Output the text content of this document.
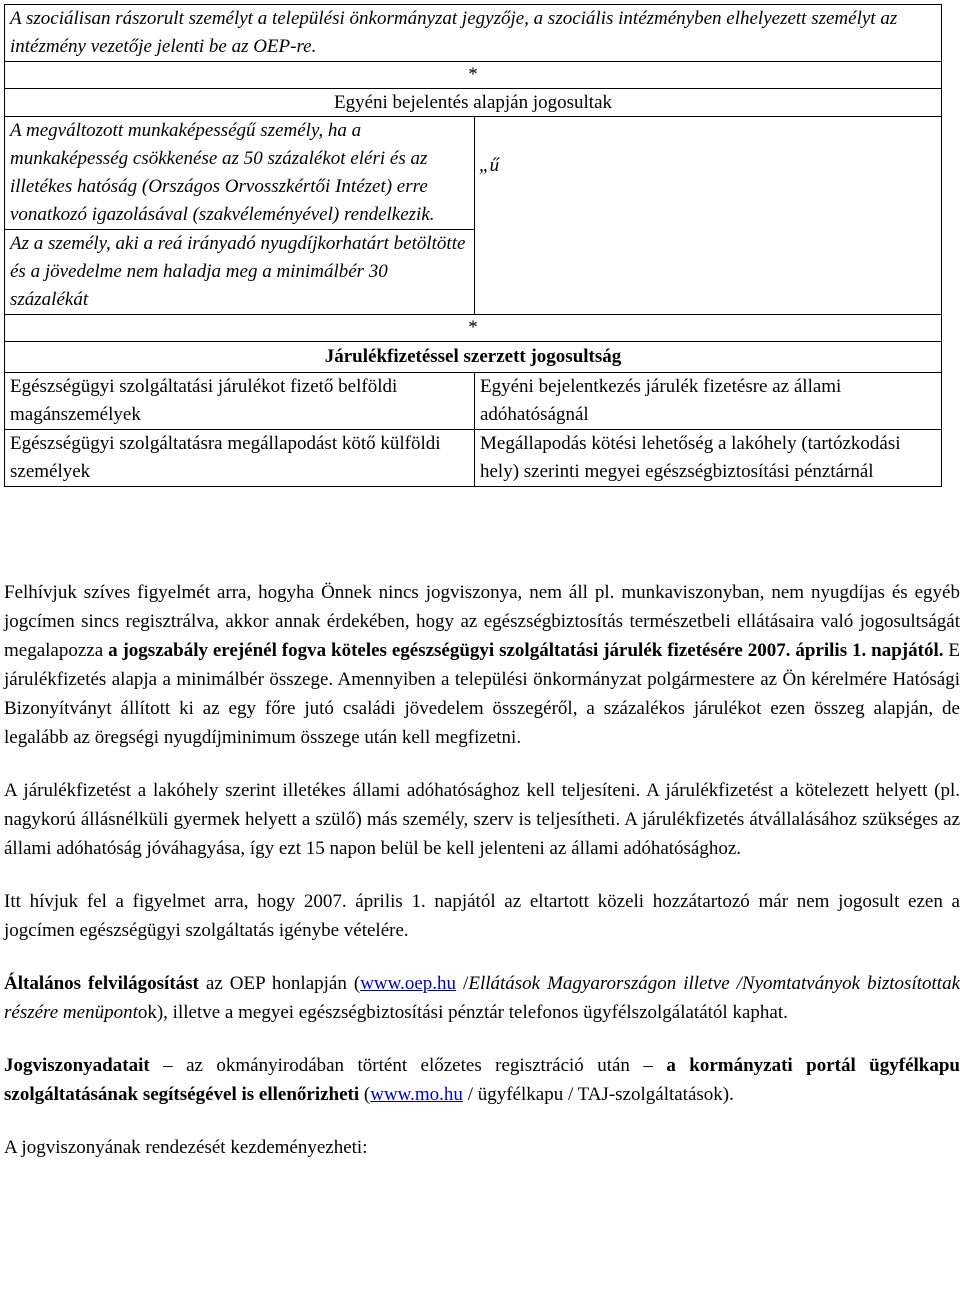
A szociálisan rászorult személyt a települési önkormányzat jegyzője, a szociális intézményben elhelyezett személyt az intézmény vezetője jelenti be az OEP-re.	
*	
Egyéni bejelentés alapján jogosultak	
A megváltozott munkaképességű személy, ha a munkaképesség csökkenése az 50 százalékot eléri és az illetékes hatóság (Országos Orvosszkértői Intézet) erre vonatkozó igazolásával (szakvéleményével) rendelkezik.	„ű
Az a személy, aki a reá irányadó nyugdíjkorhatárt betöltötte és a jövedelme nem haladja meg a minimálbér 30 százalékát	
*	
Járulékfizetéssel szerzett jogosultság	
Egészségügyi szolgáltatási járulékot fizető belföldi magánszemélyek	Egyéni bejelentkezés járulék fizetésre az állami adóhatóságnál
Egészségügyi szolgáltatásra megállapodást kötő külföldi személyek	Megállapodás kötési lehetőség a lakóhely (tartózkodási hely) szerinti megyei egészségbiztosítási pénztárnál

Felhívjuk szíves figyelmét arra, hogyha Önnek nincs jogviszonya, nem áll pl. munkaviszonyban, nem nyugdíjas és egyéb jogcímen sincs regisztrálva, akkor annak érdekében, hogy az egészségbiztosítás természetbeli ellátásaira való jogosultságát megalapozza a jogszabály erejénél fogva köteles egészségügyi szolgáltatási járulék fizetésére 2007. április 1. napjától. E járulékfizetés alapja a minimálbér összege. Amennyiben a települési önkormányzat polgármestere az Ön kérelmére Hatósági Bizonyítványt állított ki az egy főre jutó családi jövedelem összegéről, a százalékos járulékot ezen összeg alapján, de legalább az öregségi nyugdíjminimum összege után kell megfizetni.

A járulékfizetést a lakóhely szerint illetékes állami adóhatósághoz kell teljesíteni. A járulékfizetést a kötelezett helyett (pl. nagykorú állásnélküli gyermek helyett a szülő) más személy, szerv is teljesítheti. A járulékfizetés átvállalásához szükséges az állami adóhatóság jóváhagyása, így ezt 15 napon belül be kell jelenteni az állami adóhatósághoz.

Itt hívjuk fel a figyelmet arra, hogy 2007. április 1. napjától az eltartott közeli hozzátartozó már nem jogosult ezen a jogcímen egészségügyi szolgáltatás igénybe vételére.

Általános felvilágosítást az OEP honlapján (www.oep.hu /Ellátások Magyarországon illetve /Nyomtatványok biztosítottak részére menüpontok), illetve a megyei egészségbiztosítási pénztár telefonos ügyfélszolgálatától kaphat.

Jogviszonyadatait – az okmányirodában történt előzetes regisztráció után – a kormányzati portál ügyfélkapu szolgáltatásának segítségével is ellenőrizheti (www.mo.hu / ügyfélkapu / TAJ-szolgáltatások).

A jogviszonyának rendezését kezdeményezheti:
